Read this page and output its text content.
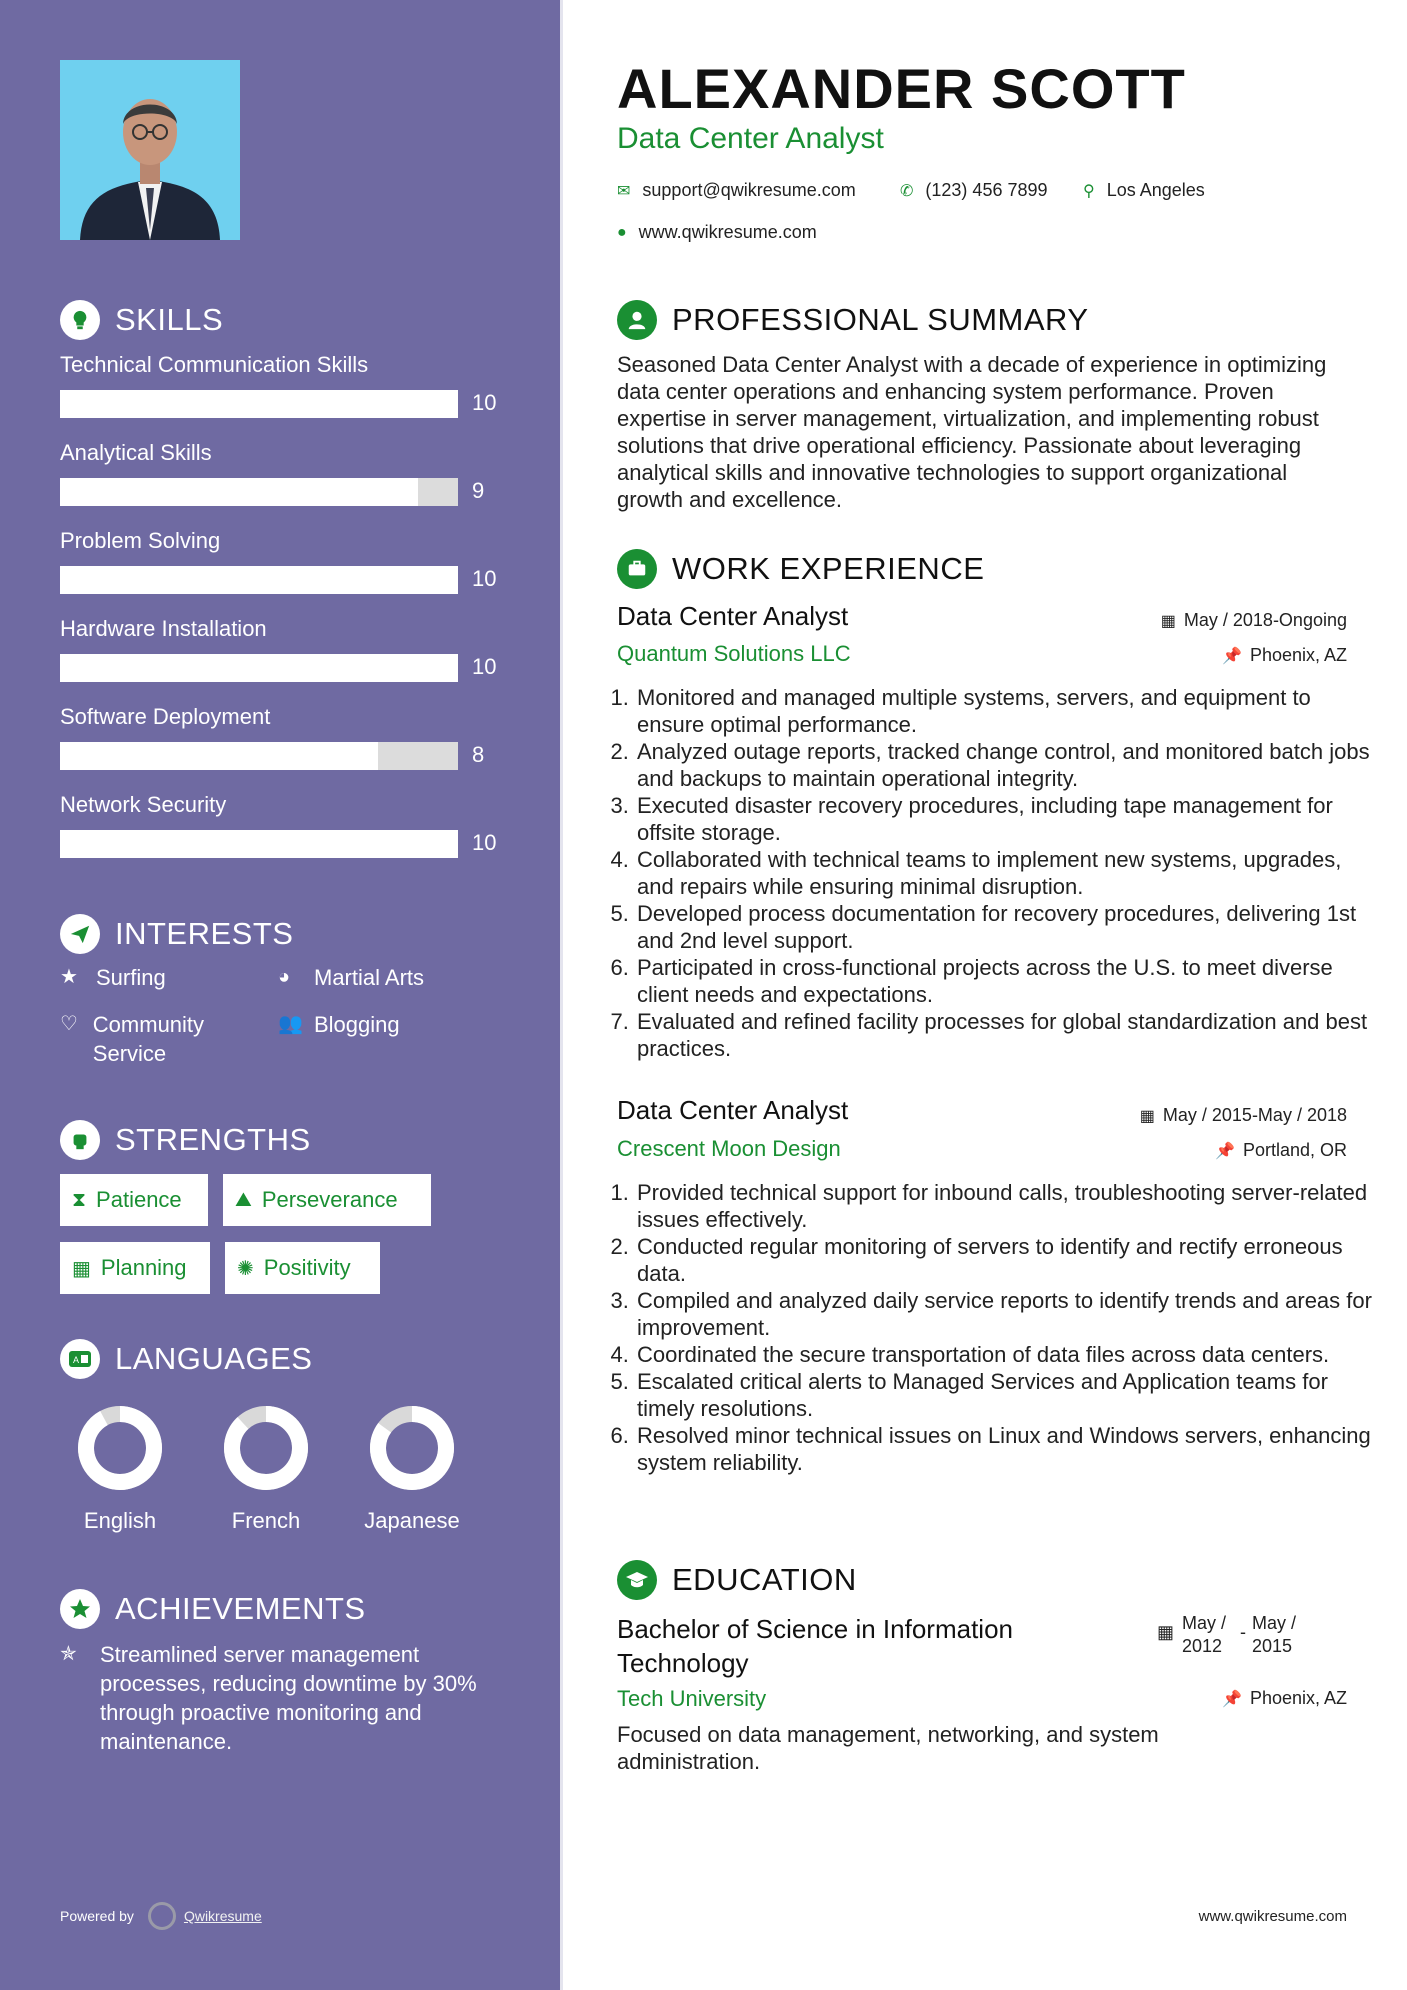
SKILLS
Technical Communication Skills
10
Analytical Skills
9
Problem Solving
10
Hardware Installation
10
Software Deployment
8
Network Security
10
INTERESTS
★ Surfing	◕	Martial Arts
♡ Community Service
👥 Blogging
STRENGTHS
⧗ Patience	⛰ Perseverance
▦ Planning	✺ Positivity
A LANGUAGES
English	French	Japanese
ACHIEVEMENTS
✯	Streamlined server management processes, reducing downtime by 30% through proactive monitoring and maintenance.
Powered by	Qwikresume
ALEXANDER SCOTT
Data Center Analyst
✉ support@qwikresume.com	✆ (123) 456 7899 ⚲ Los Angeles
● www.qwikresume.com
PROFESSIONAL SUMMARY
Seasoned Data Center Analyst with a decade of experience in optimizing data center operations and enhancing system performance. Proven expertise in server management, virtualization, and implementing robust solutions that drive operational efficiency. Passionate about leveraging analytical skills and innovative technologies to support organizational growth and excellence.
WORK EXPERIENCE
Data Center Analyst	▦ May / 2018-Ongoing
Quantum Solutions LLC	📌 Phoenix, AZ
1. Monitored and managed multiple systems, servers, and equipment to ensure optimal performance.
2. Analyzed outage reports, tracked change control, and monitored batch jobs and backups to maintain operational integrity.
3. Executed disaster recovery procedures, including tape management for offsite storage.
4. Collaborated with technical teams to implement new systems, upgrades, and repairs while ensuring minimal disruption.
5. Developed process documentation for recovery procedures, delivering 1st and 2nd level support.
6. Participated in cross-functional projects across the U.S. to meet diverse client needs and expectations.
7. Evaluated and refined facility processes for global standardization and best practices.
Data Center Analyst	▦ May / 2015-May / 2018
Crescent Moon Design	📌 Portland, OR
1. Provided technical support for inbound calls, troubleshooting server-related issues effectively.
2. Conducted regular monitoring of servers to identify and rectify erroneous data.
3. Compiled and analyzed daily service reports to identify trends and areas for improvement.
4. Coordinated the secure transportation of data files across data centers.
5. Escalated critical alerts to Managed Services and Application teams for timely resolutions.
6. Resolved minor technical issues on Linux and Windows servers, enhancing system reliability.
EDUCATION
Bachelor of Science in Information Technology
▦ May / 2012
- May / 2015
Tech University	📌 Phoenix, AZ
Focused on data management, networking, and system administration.
www.qwikresume.com
